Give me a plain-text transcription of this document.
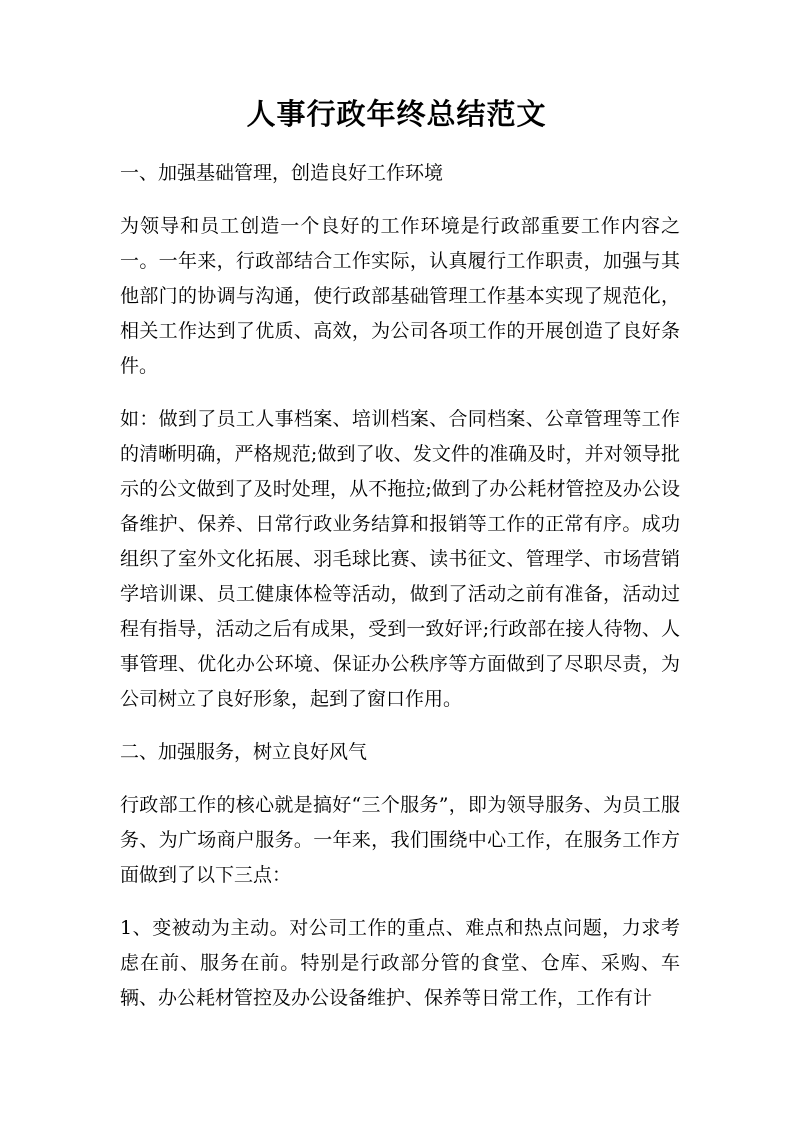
人事行政年终总结范文

一、加强基础管理，创造良好工作环境

为领导和员工创造一个良好的工作环境是行政部重要工作内容之一。一年来，行政部结合工作实际，认真履行工作职责，加强与其他部门的协调与沟通，使行政部基础管理工作基本实现了规范化，相关工作达到了优质、高效，为公司各项工作的开展创造了良好条件。

如：做到了员工人事档案、培训档案、合同档案、公章管理等工作的清晰明确，严格规范;做到了收、发文件的准确及时，并对领导批示的公文做到了及时处理，从不拖拉;做到了办公耗材管控及办公设备维护、保养、日常行政业务结算和报销等工作的正常有序。成功组织了室外文化拓展、羽毛球比赛、读书征文、管理学、市场营销学培训课、员工健康体检等活动，做到了活动之前有准备，活动过程有指导，活动之后有成果，受到一致好评;行政部在接人待物、人事管理、优化办公环境、保证办公秩序等方面做到了尽职尽责，为公司树立了良好形象，起到了窗口作用。

二、加强服务，树立良好风气

行政部工作的核心就是搞好“三个服务”，即为领导服务、为员工服务、为广场商户服务。一年来，我们围绕中心工作，在服务工作方面做到了以下三点：

1、变被动为主动。对公司工作的重点、难点和热点问题，力求考虑在前、服务在前。特别是行政部分管的食堂、仓库、采购、车辆、办公耗材管控及办公设备维护、保养等日常工作，工作有计
